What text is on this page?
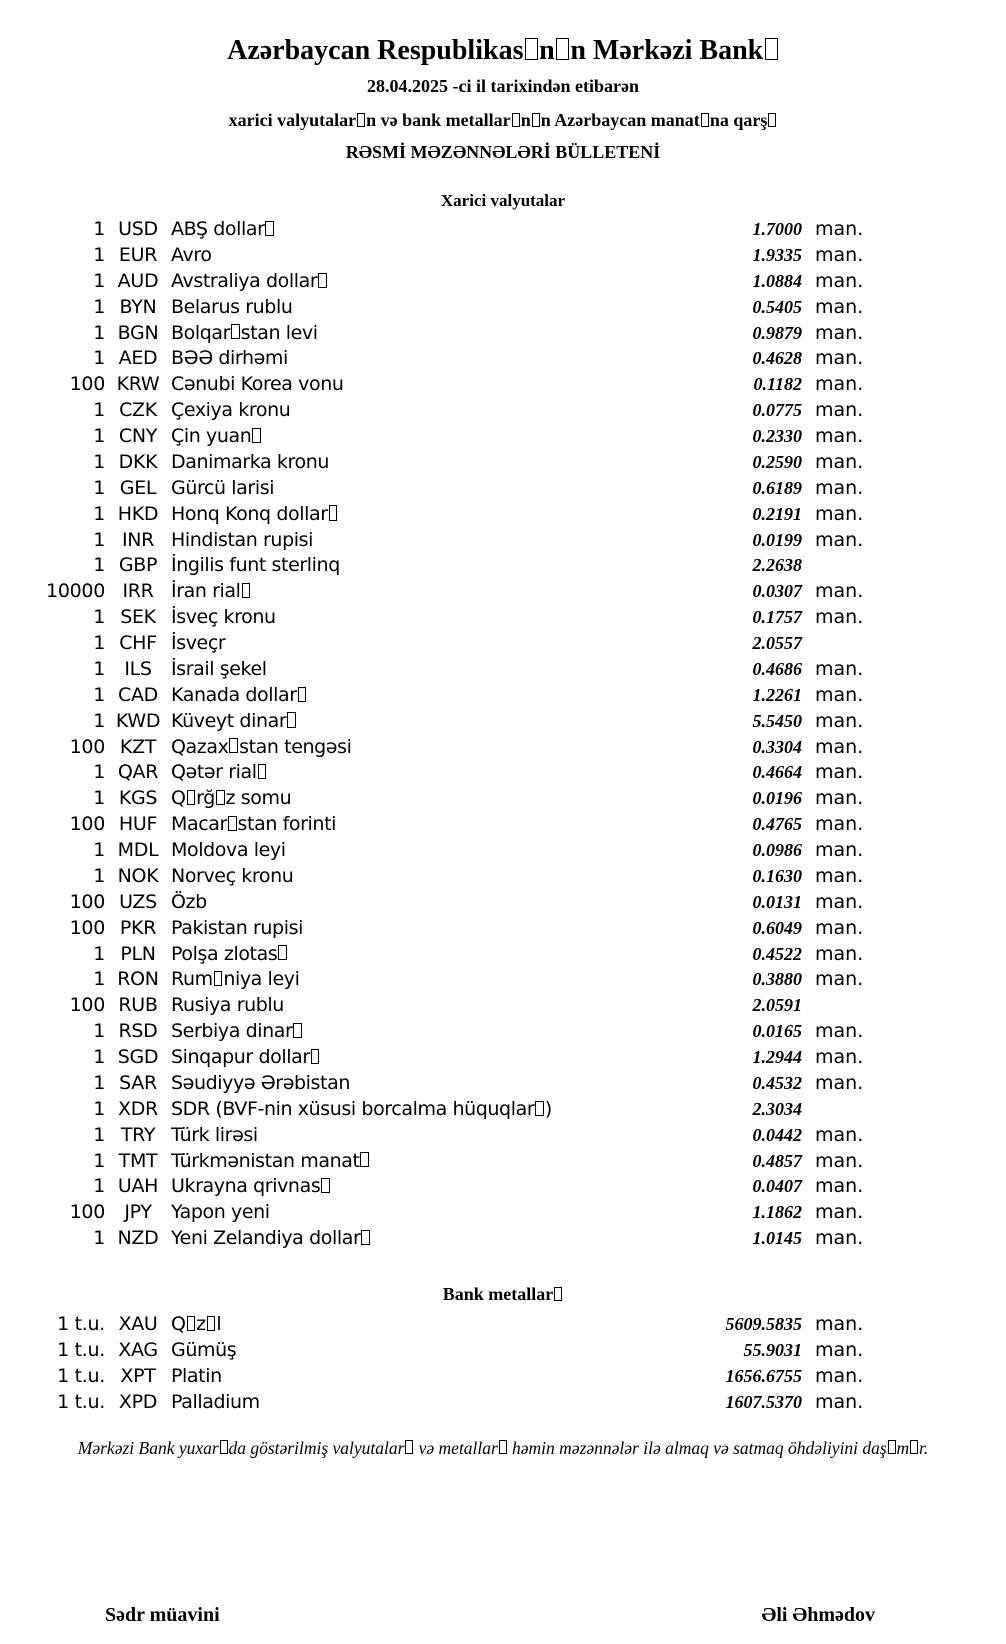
Azərbaycan Respublikas n n Mərkəzi Bank
28.04.2025 -ci il tarixindən etibarən
xarici valyutalar n və bank metallar n n Azərbaycan manat na qarş
RƏSMİ MƏZƏNNƏLƏRİ BÜLLETENİ
Xarici valyutalar
1 USD ABŞ dollar	1.7000 man.
1 EUR Avro	1.9335 man.
1 AUD Avstraliya dollar	1.0884 man.
1 BYN Belarus rublu	0.5405 man.
1 BGN Bolqar stan levi	0.9879 man.
1 AED BƏƏ dirhəmi	0.4628 man.
100 KRW Cənubi Korea vonu	0.1182 man.
1 CZK Çexiya kronu	0.0775 man.
1 CNY Çin yuan	0.2330 man.
1 DKK Danimarka kronu	0.2590 man.
1 GEL Gürcü larisi	0.6189 man.
1 HKD Honq Konq dollar	0.2191 man.
1 INR Hindistan rupisi	0.0199 man.
1 GBP İngilis funt sterlinq	2.2638
10000 IRR İran rial	0.0307 man.
1 SEK İsveç kronu	0.1757 man.
1 CHF İsveçr	2.0557
1	ILS	İsrail şekel	0.4686 man.
1 CAD Kanada dollar	1.2261 man.
1 KWD Küveyt dinar	5.5450 man.
100 KZT Qazax stan tengəsi	0.3304 man.
1 QAR Qətər rial	0.4664 man.
1 KGS Q rğ z somu	0.0196 man.
100 HUF Macar stan forinti	0.4765 man.
1 MDL Moldova leyi	0.0986 man.
1 NOK Norveç kronu	0.1630 man.
100 UZS Özb	0.0131 man.
100 PKR Pakistan rupisi	0.6049 man.
1 PLN Polşa zlotas	0.4522 man.
1 RON Rum niya leyi	0.3880 man.
100 RUB Rusiya rublu	2.0591
1 RSD Serbiya dinar	0.0165 man.
1 SGD Sinqapur dollar	1.2944 man.
1 SAR Səudiyyə Ərəbistan	0.4532 man.
1 XDR SDR (BVF-nin xüsusi borcalma hüquqlar )	2.3034
1 TRY Türk lirəsi	0.0442 man.
1 TMT Türkmənistan manat	0.4857 man.
1 UAH Ukrayna qrivnas	0.0407 man.
100	JPY	Yapon yeni	1.1862 man.
1 NZD Yeni Zelandiya dollar	1.0145 man.
Bank metallar
1 t.u. XAU Q z l	5609.5835 man.
1 t.u. XAG Gümüş	55.9031 man.
1 t.u. XPT Platin	1656.6755 man.
1 t.u. XPD Palladium	1607.5370 man.
Mərkəzi Bank yuxar da göstərilmiş valyutalar və metallar həmin məzənnələr ilə almaq və satmaq öhdəliyini daş m r.
Sədr müavini	Əli Əhmədov
